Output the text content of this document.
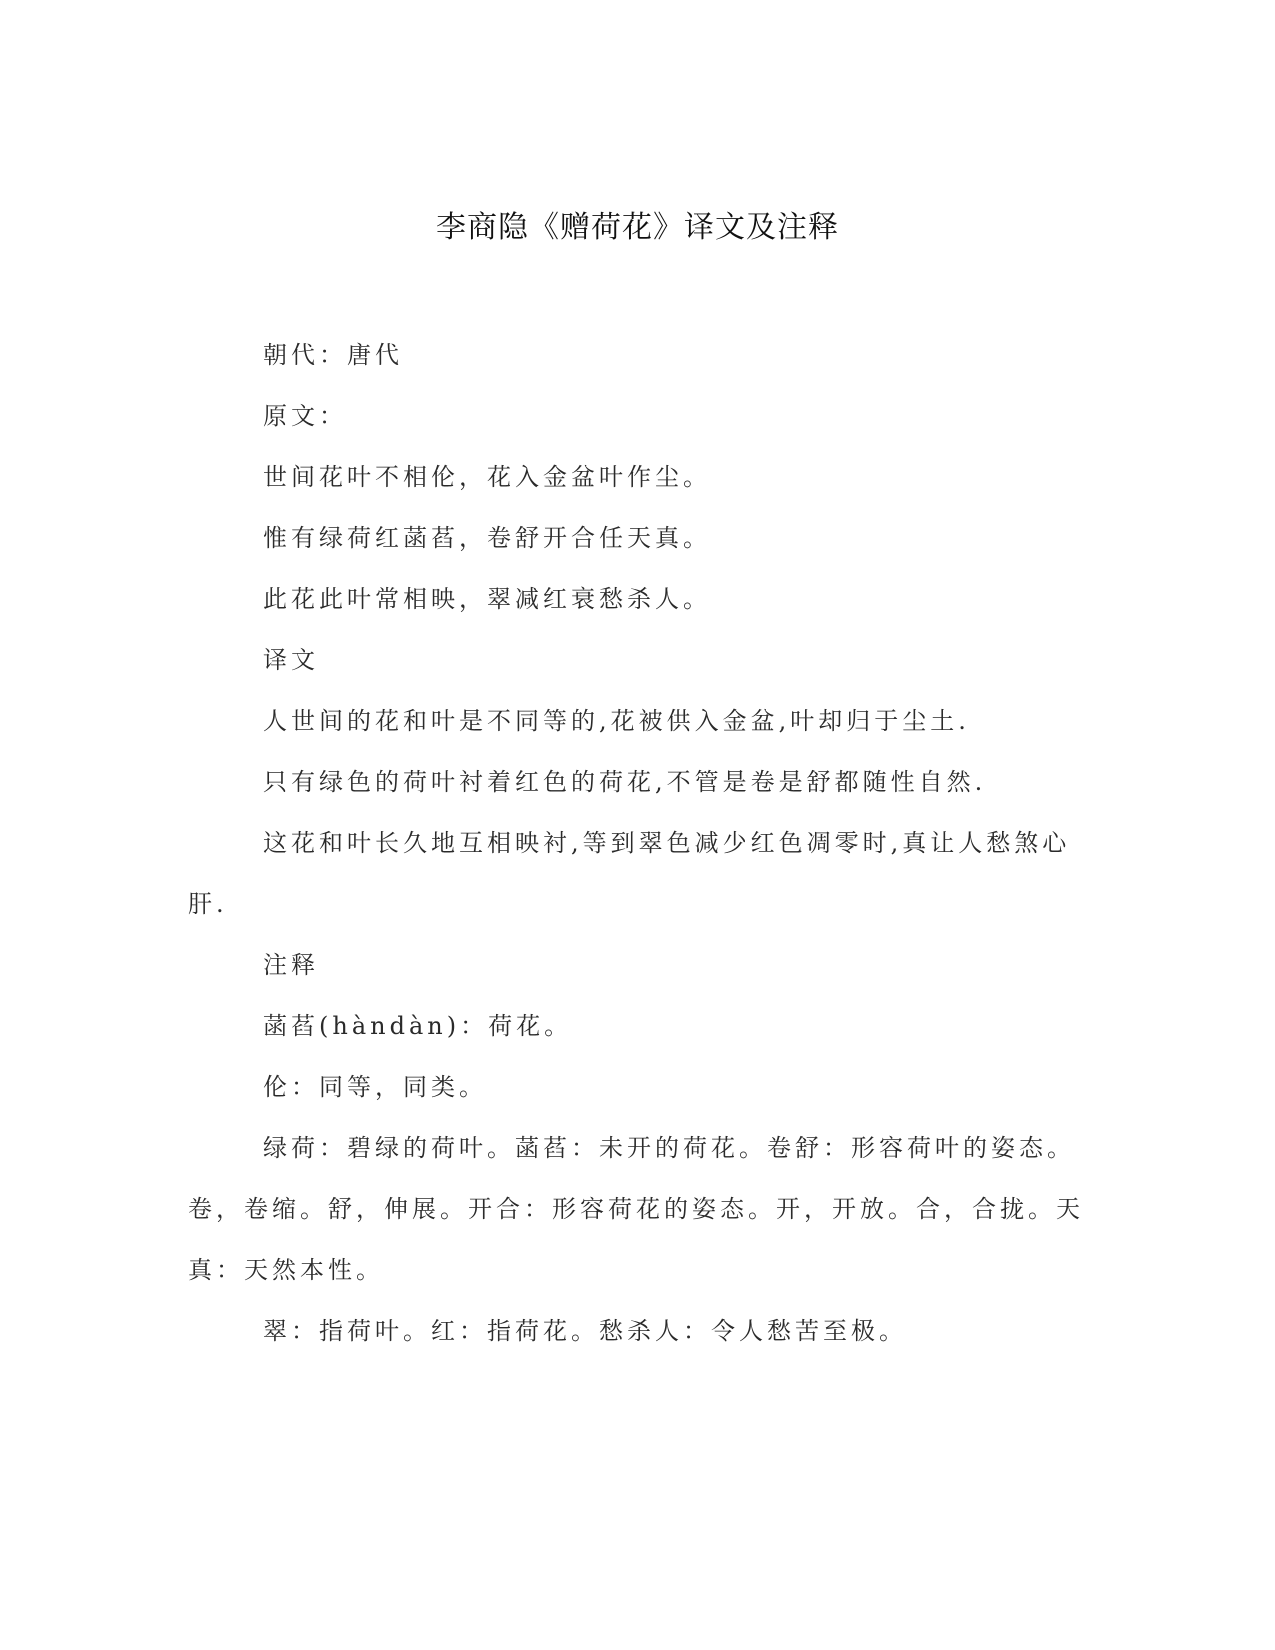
李商隐《赠荷花》译文及注释

朝代：唐代

原文：

世间花叶不相伦，花入金盆叶作尘。

惟有绿荷红菡萏，卷舒开合任天真。

此花此叶常相映，翠减红衰愁杀人。

译文

人世间的花和叶是不同等的,花被供入金盆,叶却归于尘土.

只有绿色的荷叶衬着红色的荷花,不管是卷是舒都随性自然.

这花和叶长久地互相映衬,等到翠色减少红色凋零时,真让人愁煞心肝.

注释

菡萏(hàndàn)：荷花。

伦：同等，同类。

绿荷：碧绿的荷叶。菡萏：未开的荷花。卷舒：形容荷叶的姿态。卷，卷缩。舒，伸展。开合：形容荷花的姿态。开，开放。合，合拢。天真：天然本性。

翠：指荷叶。红：指荷花。愁杀人：令人愁苦至极。
